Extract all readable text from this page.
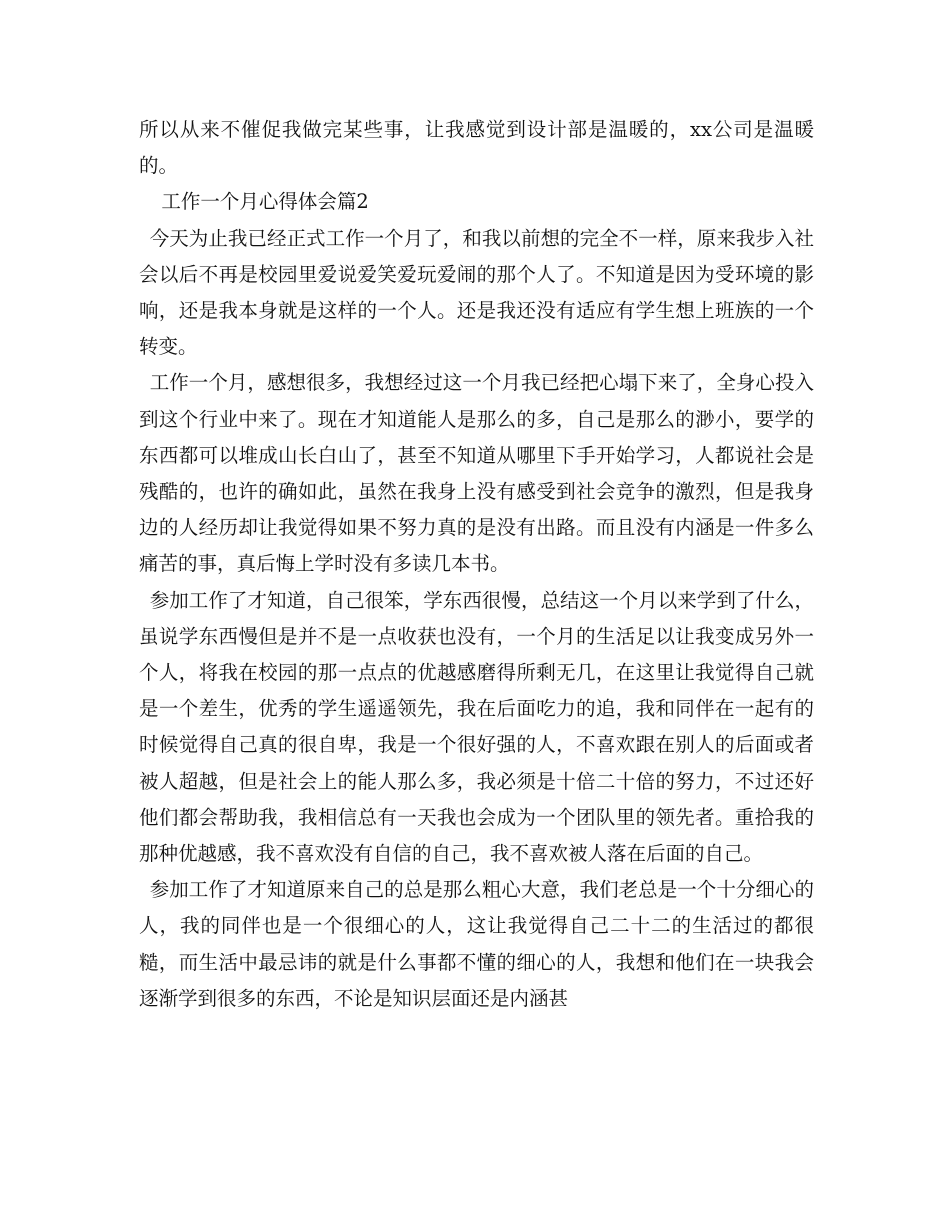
所以从来不催促我做完某些事，让我感觉到设计部是温暖的，xx公司是温暖的。

工作一个月心得体会篇2

今天为止我已经正式工作一个月了，和我以前想的完全不一样，原来我步入社会以后不再是校园里爱说爱笑爱玩爱闹的那个人了。不知道是因为受环境的影响，还是我本身就是这样的一个人。还是我还没有适应有学生想上班族的一个转变。

工作一个月，感想很多，我想经过这一个月我已经把心塌下来了，全身心投入到这个行业中来了。现在才知道能人是那么的多，自己是那么的渺小，要学的东西都可以堆成山长白山了，甚至不知道从哪里下手开始学习，人都说社会是残酷的，也许的确如此，虽然在我身上没有感受到社会竞争的激烈，但是我身边的人经历却让我觉得如果不努力真的是没有出路。而且没有内涵是一件多么痛苦的事，真后悔上学时没有多读几本书。

参加工作了才知道，自己很笨，学东西很慢，总结这一个月以来学到了什么，虽说学东西慢但是并不是一点收获也没有，一个月的生活足以让我变成另外一个人，将我在校园的那一点点的优越感磨得所剩无几，在这里让我觉得自己就是一个差生，优秀的学生遥遥领先，我在后面吃力的追，我和同伴在一起有的时候觉得自己真的很自卑，我是一个很好强的人，不喜欢跟在别人的后面或者被人超越，但是社会上的能人那么多，我必须是十倍二十倍的努力，不过还好他们都会帮助我，我相信总有一天我也会成为一个团队里的领先者。重拾我的那种优越感，我不喜欢没有自信的自己，我不喜欢被人落在后面的自己。

参加工作了才知道原来自己的总是那么粗心大意，我们老总是一个十分细心的人，我的同伴也是一个很细心的人，这让我觉得自己二十二的生活过的都很糙，而生活中最忌讳的就是什么事都不懂的细心的人，我想和他们在一块我会逐渐学到很多的东西，不论是知识层面还是内涵甚
